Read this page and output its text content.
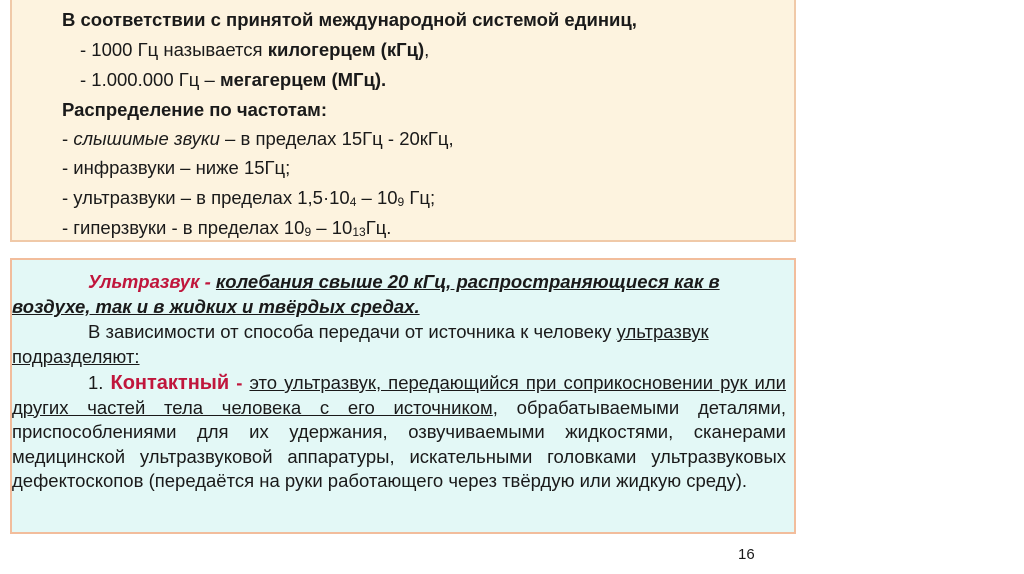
В соответствии с принятой международной системой единиц,
- 1000 Гц называется килогерцем (кГц),
- 1.000.000 Гц – мегагерцем (МГц).
Распределение по частотам:
- слышимые звуки – в пределах 15Гц - 20кГц,
- инфразвуки – ниже 15Гц;
- ультразвуки – в пределах $1,5\cdot 10_4 - 10_9$ Гц;
- гиперзвуки - в пределах $10_9 - 10_{13}Гц$.
Ультразвук - колебания свыше 20 кГц, распространяющиеся как в
воздухе, так и в жидких и твёрдых средах.
В зависимости от способа передачи от источника к человеку ультразвук
подразделяют:
1. Контактный - это ультразвук, передающийся при соприкосновении рук или других частей тела человека с его источником, обрабатываемыми деталями, приспособлениями для их удержания, озвучиваемыми жидкостями, сканерами медицинской ультразвуковой аппаратуры, искательными головками ультразвуковых дефектоскопов (передаётся на руки работающего через твёрдую или жидкую среду).
16
